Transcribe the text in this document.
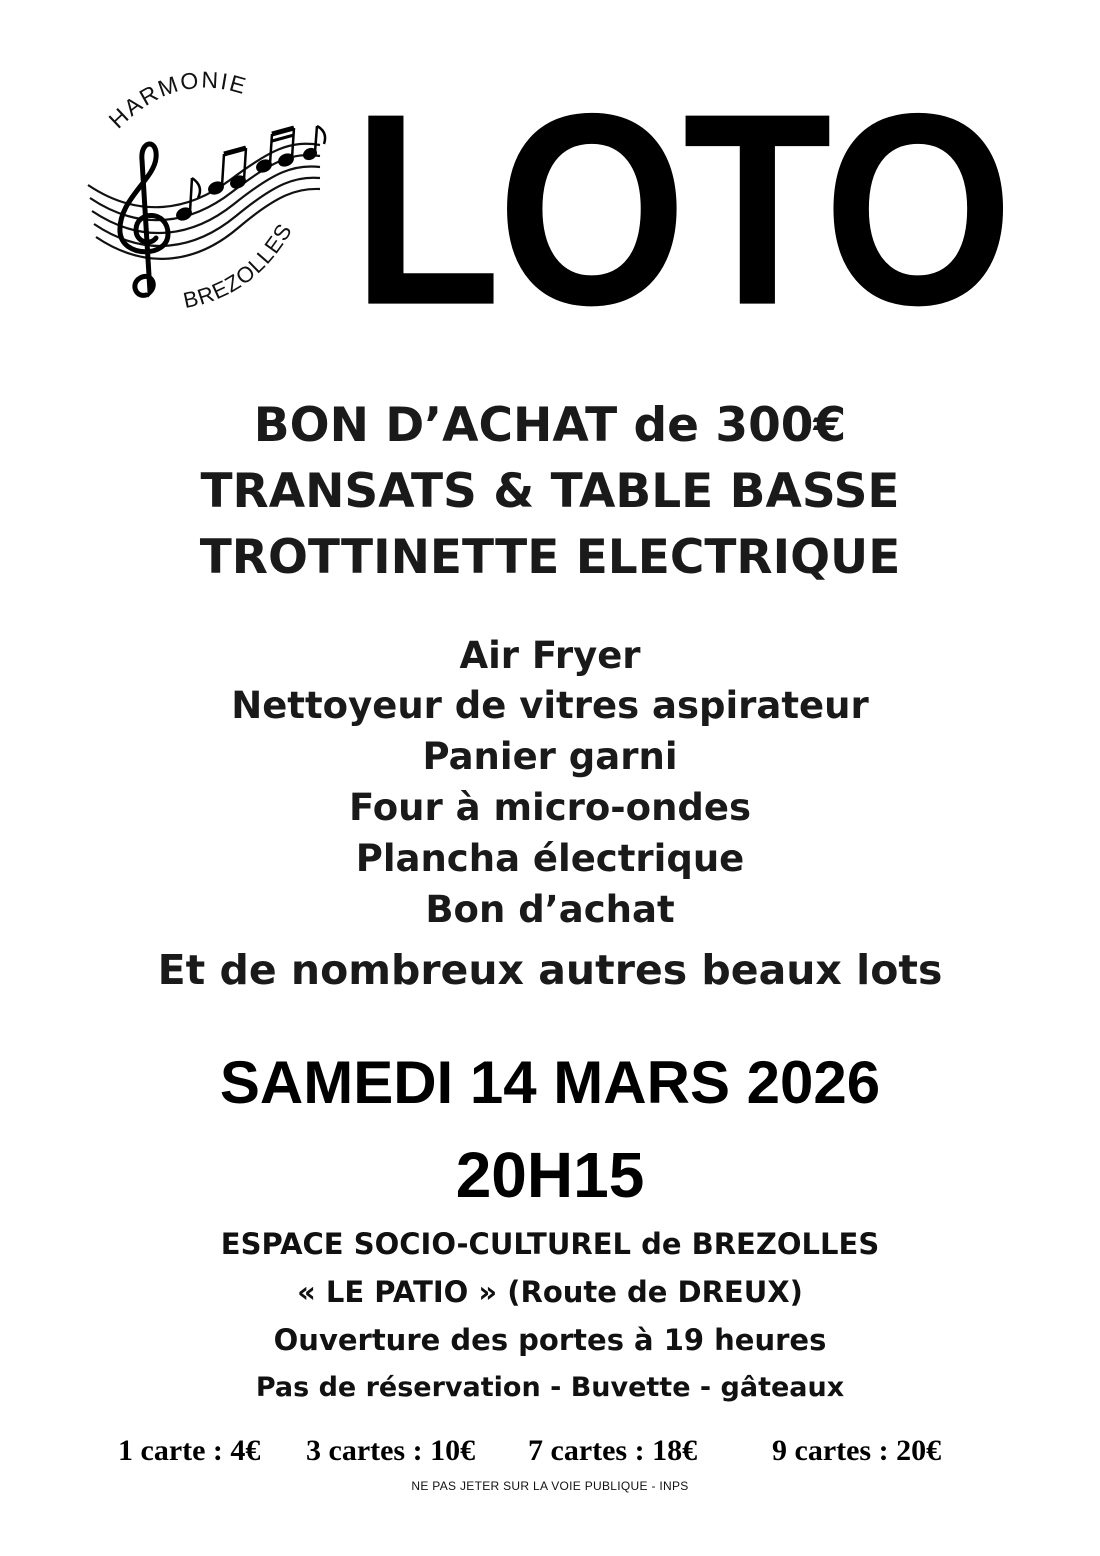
HARMONIE
BREZOLLES LOTO
BON D’ACHAT de 300€
TRANSATS & TABLE BASSE
TROTTINETTE ELECTRIQUE
Air Fryer
Nettoyeur de vitres aspirateur
Panier garni
Four à micro-ondes
Plancha électrique
Bon d’achat
Et de nombreux autres beaux lots
SAMEDI 14 MARS 2026
20H15
ESPACE SOCIO-CULTUREL de BREZOLLES
« LE PATIO » (Route de DREUX)
Ouverture des portes à 19 heures
Pas de réservation - Buvette - gâteaux
1 carte : 4€ 3 cartes : 10€ 7 cartes : 18€ 9 cartes : 20€
NE PAS JETER SUR LA VOIE PUBLIQUE - INPS
